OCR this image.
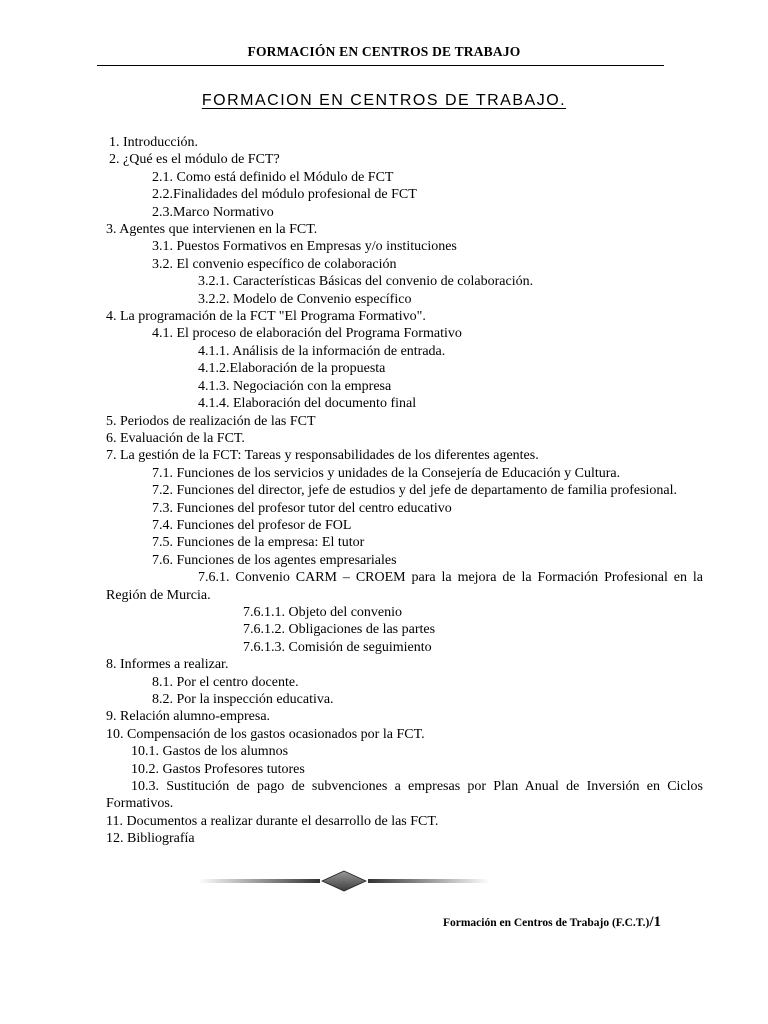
FORMACIÓN EN CENTROS DE TRABAJO
FORMACION EN CENTROS DE TRABAJO.
1. Introducción.
2. ¿Qué es el módulo de FCT?
2.1. Como está definido el Módulo de FCT
2.2.Finalidades del módulo profesional de FCT
2.3.Marco Normativo
3. Agentes que intervienen en la FCT.
3.1. Puestos Formativos en Empresas y/o instituciones
3.2. El convenio específico de colaboración
3.2.1. Características Básicas del convenio de colaboración.
3.2.2. Modelo de Convenio específico
4. La programación de la FCT "El Programa Formativo".
4.1. El proceso de elaboración del Programa Formativo
4.1.1. Análisis de la información de entrada.
4.1.2.Elaboración de la propuesta
4.1.3. Negociación con la empresa
4.1.4. Elaboración del documento final
5. Periodos de realización de las FCT
6. Evaluación de la FCT.
7. La gestión de la FCT: Tareas y responsabilidades de los diferentes agentes.
7.1. Funciones de los servicios y unidades de la Consejería de Educación y Cultura.
7.2. Funciones del director, jefe de estudios y del jefe de departamento de familia profesional.
7.3. Funciones del profesor tutor del centro educativo
7.4. Funciones del profesor de FOL
7.5. Funciones de la empresa: El tutor
7.6. Funciones de los agentes empresariales
7.6.1. Convenio CARM – CROEM para la mejora de la Formación Profesional en la Región de Murcia.
7.6.1.1. Objeto del convenio
7.6.1.2. Obligaciones de las partes
7.6.1.3. Comisión de seguimiento
8. Informes a realizar.
8.1. Por el centro docente.
8.2. Por la inspección educativa.
9. Relación alumno-empresa.
10. Compensación de los gastos ocasionados por la FCT.
10.1. Gastos de los alumnos
10.2. Gastos Profesores tutores
10.3. Sustitución de pago de subvenciones a empresas por Plan Anual de Inversión en Ciclos Formativos.
11. Documentos a realizar durante el desarrollo de las FCT.
12. Bibliografía
Formación en Centros de Trabajo (F.C.T.)/1
